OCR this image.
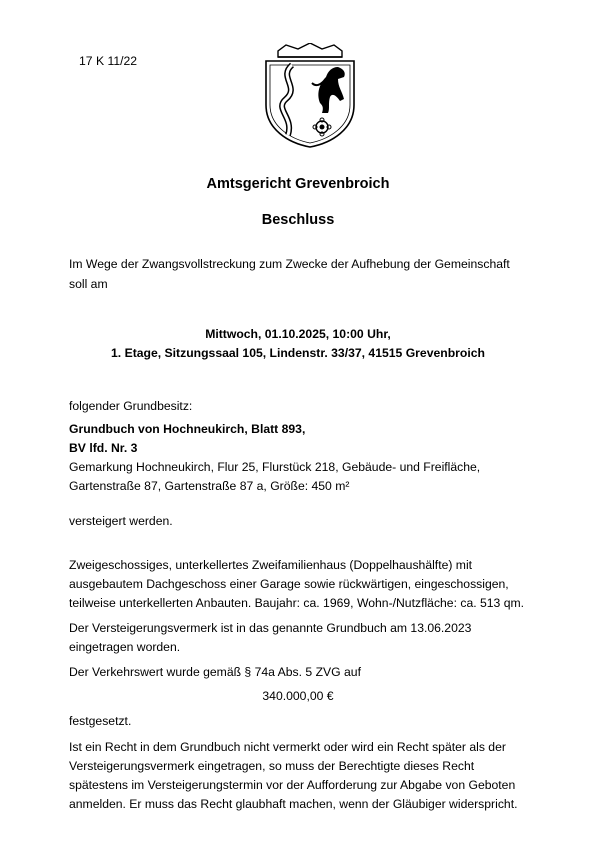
17 K 11/22
Amtsgericht Grevenbroich
Beschluss
Im Wege der Zwangsvollstreckung zum Zwecke der Aufhebung der Gemeinschaft
soll am
Mittwoch, 01.10.2025, 10:00 Uhr,
1. Etage, Sitzungssaal 105, Lindenstr. 33/37, 41515 Grevenbroich
folgender Grundbesitz:
Grundbuch von Hochneukirch, Blatt 893,
BV lfd. Nr. 3
Gemarkung Hochneukirch, Flur 25, Flurstück 218, Gebäude- und Freifläche,
Gartenstraße 87, Gartenstraße 87 a, Größe: 450 m²
versteigert werden.
Zweigeschossiges, unterkellertes Zweifamilienhaus (Doppelhaushälfte) mit
ausgebautem Dachgeschoss einer Garage sowie rückwärtigen, eingeschossigen,
teilweise unterkellerten Anbauten. Baujahr: ca. 1969, Wohn-/Nutzfläche: ca. 513 qm.
Der Versteigerungsvermerk ist in das genannte Grundbuch am 13.06.2023
eingetragen worden.
Der Verkehrswert wurde gemäß § 74a Abs. 5 ZVG auf
340.000,00 €
festgesetzt.
Ist ein Recht in dem Grundbuch nicht vermerkt oder wird ein Recht später als der
Versteigerungsvermerk eingetragen, so muss der Berechtigte dieses Recht
spätestens im Versteigerungstermin vor der Aufforderung zur Abgabe von Geboten
anmelden. Er muss das Recht glaubhaft machen, wenn der Gläubiger widerspricht.
